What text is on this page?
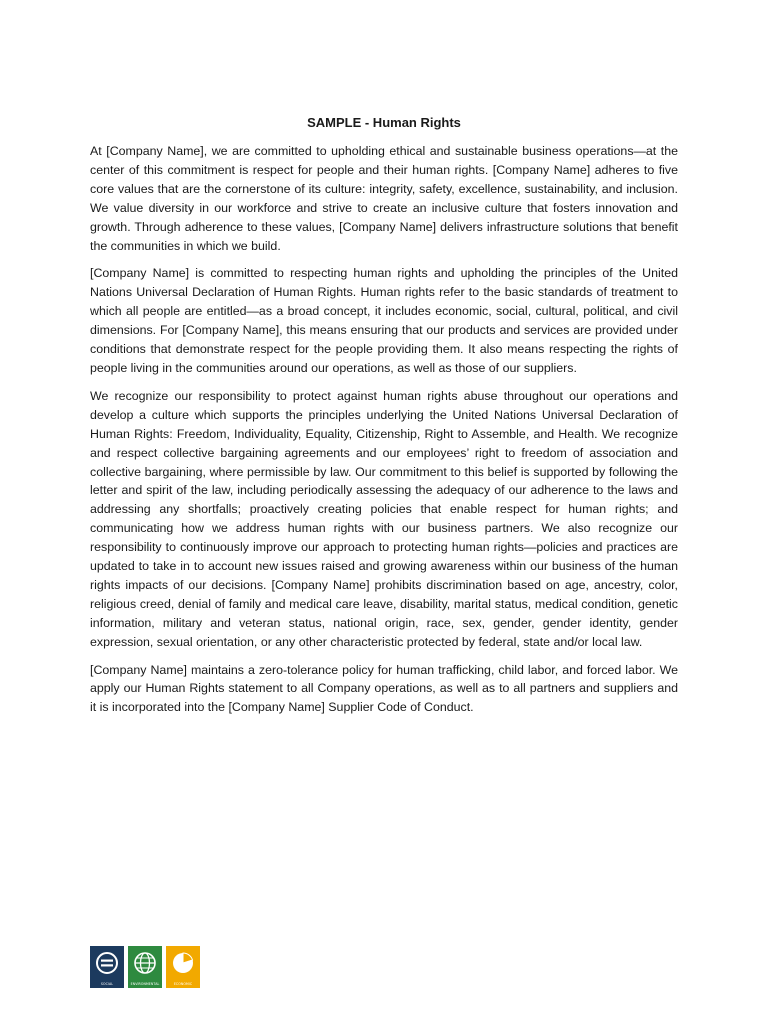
SAMPLE - Human Rights

At [Company Name], we are committed to upholding ethical and sustainable business operations—at the center of this commitment is respect for people and their human rights. [Company Name] adheres to five core values that are the cornerstone of its culture: integrity, safety, excellence, sustainability, and inclusion. We value diversity in our workforce and strive to create an inclusive culture that fosters innovation and growth. Through adherence to these values, [Company Name] delivers infrastructure solutions that benefit the communities in which we build.

[Company Name] is committed to respecting human rights and upholding the principles of the United Nations Universal Declaration of Human Rights. Human rights refer to the basic standards of treatment to which all people are entitled—as a broad concept, it includes economic, social, cultural, political, and civil dimensions. For [Company Name], this means ensuring that our products and services are provided under conditions that demonstrate respect for the people providing them. It also means respecting the rights of people living in the communities around our operations, as well as those of our suppliers.

We recognize our responsibility to protect against human rights abuse throughout our operations and develop a culture which supports the principles underlying the United Nations Universal Declaration of Human Rights: Freedom, Individuality, Equality, Citizenship, Right to Assemble, and Health. We recognize and respect collective bargaining agreements and our employees’ right to freedom of association and collective bargaining, where permissible by law. Our commitment to this belief is supported by following the letter and spirit of the law, including periodically assessing the adequacy of our adherence to the laws and addressing any shortfalls; proactively creating policies that enable respect for human rights; and communicating how we address human rights with our business partners. We also recognize our responsibility to continuously improve our approach to protecting human rights—policies and practices are updated to take in to account new issues raised and growing awareness within our business of the human rights impacts of our decisions. [Company Name] prohibits discrimination based on age, ancestry, color, religious creed, denial of family and medical care leave, disability, marital status, medical condition, genetic information, military and veteran status, national origin, race, sex, gender, gender identity, gender expression, sexual orientation, or any other characteristic protected by federal, state and/or local law.

[Company Name] maintains a zero-tolerance policy for human trafficking, child labor, and forced labor. We apply our Human Rights statement to all Company operations, as well as to all partners and suppliers and it is incorporated into the [Company Name] Supplier Code of Conduct.

SOCIAL	ENVIRONMENTAL	ECONOMIC
